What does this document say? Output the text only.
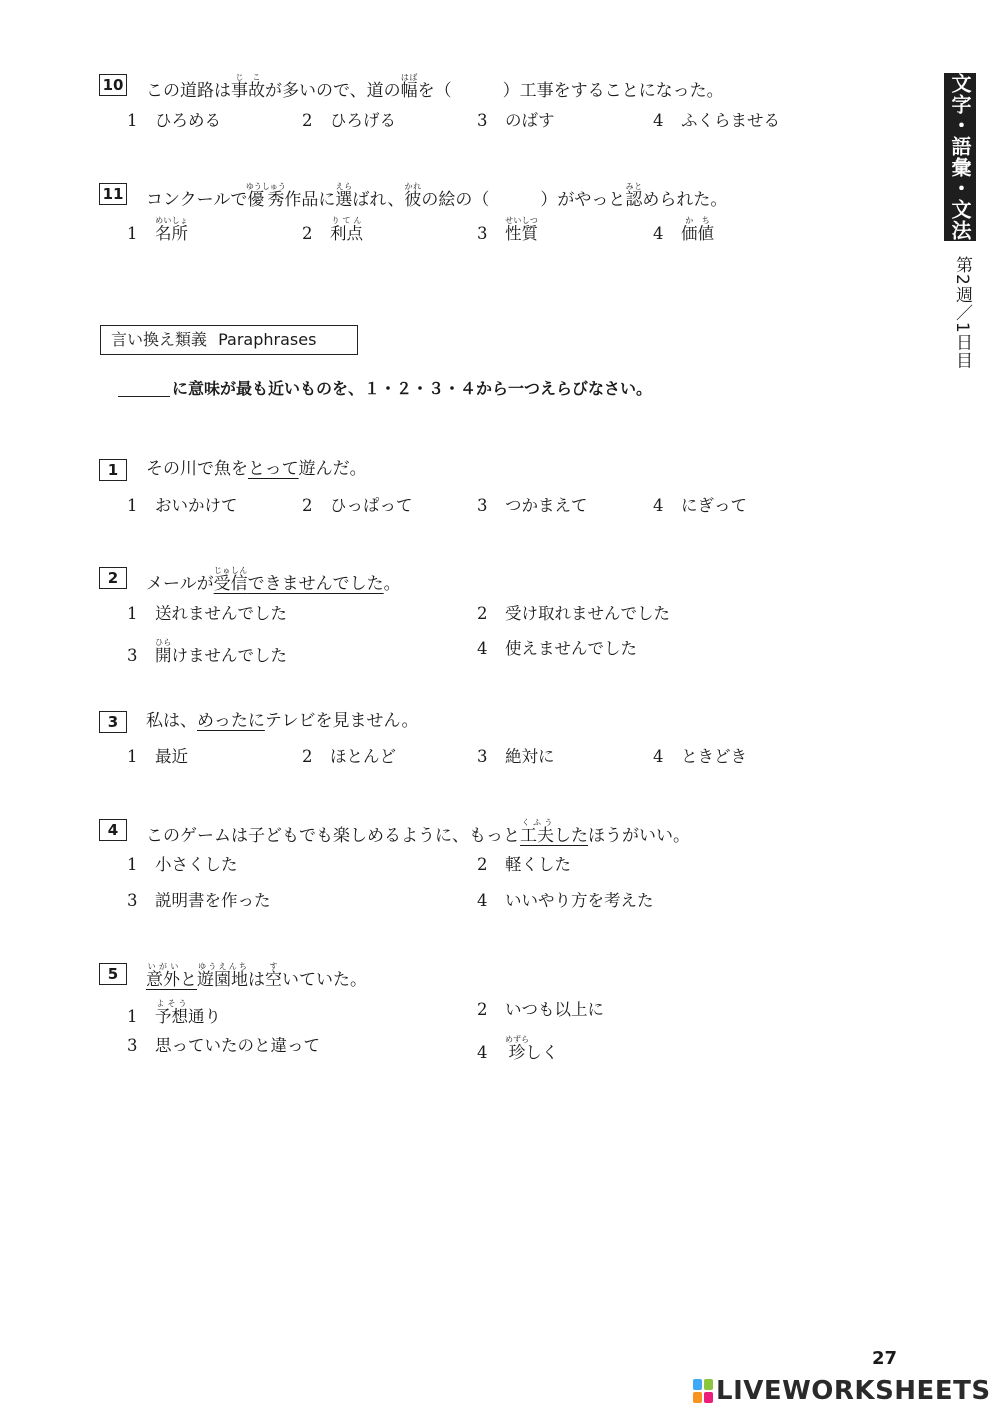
文字・語彙・文法
第2週／1日目
10 この道路は事故じこが多いので、道の幅はばを（　　　）工事をすることになった。
1 ひろめる	2 ひろげる	3 のばす	4 ふくらませる
11 コンクールで優秀ゆうしゅう作品に選えらばれ、彼かれの絵の（　　　）がやっと認みとめられた。
1 名所めいしょ
2 利点りてん
3 性質せいしつ
4 価値かち
言い換え類義 Paraphrases
に意味が最も近いものを、１・２・３・４から一つえらびなさい。
1	その川で魚をとって遊んだ。
1 おいかけて	2 ひっぱって	3 つかまえて	4 にぎって
2	メールが受信じゅしんできませんでした。
1 送れませんでした	2 受け取れませんでした
3 開ひらけませんでした	4 使えませんでした
3	私は、めったにテレビを見ません。
1 最近	2 ほとんど	3 絶対に	4 ときどき
4	このゲームは子どもでも楽しめるように、もっと工夫くふうしたほうがいい。
1 小さくした	2 軽くした
3 説明書を作った	4 いいやり方を考えた
5	意外いがいと遊園地ゆうえんちは空すいていた。
1 予想よそう通り	2 いつも以上に
3 思っていたのと違って	4 珍めずらしく
27
LIVEWORKSHEETS
